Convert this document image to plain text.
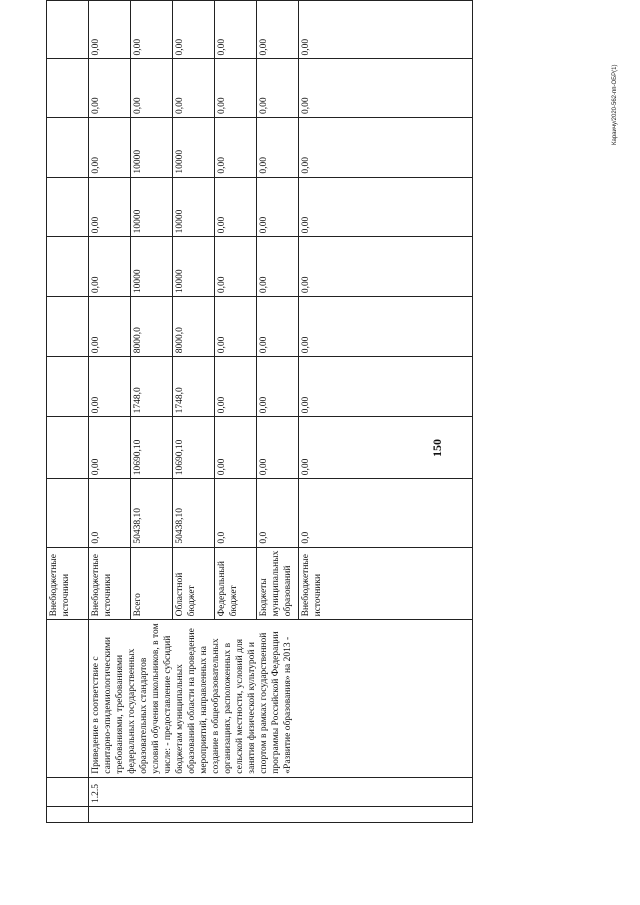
150
			Внебюджетные источники									
	1.2.5	Приведение в соответствие с санитарно-эпидемиологическими требованиями, требованиями федеральных государственных образовательных стандартов условий обучения школьников, в том числе: - предоставление субсидий бюджетам муниципальных образований области на проведение мероприятий, направленных на создание в общеобразовательных организациях, расположенных в сельской местности, условий для занятия физической культурой и спортом в рамках государственной программы Российской Федерации «Развитие образования» на 2013 -	Внебюджетные источники	0,0	0,00	0,00	0,00	0,00	0,00	0,00	0,00	0,00
			Всего	50438,10	10690,10	1748,0	8000,0	10000	10000	10000	0,00	0,00
			Областной бюджет	50438,10	10690,10	1748,0	8000,0	10000	10000	10000	0,00	0,00
			Федеральный бюджет	0,0	0,00	0,00	0,00	0,00	0,00	0,00	0,00	0,00
			Бюджеты муниципальных образований	0,0	0,00	0,00	0,00	0,00	0,00	0,00	0,00	0,00
			Внебюджетные источники	0,0	0,00	0,00	0,00	0,00	0,00	0,00	0,00	0,00
Караичу/2020-562-пп-ОБР(1)
